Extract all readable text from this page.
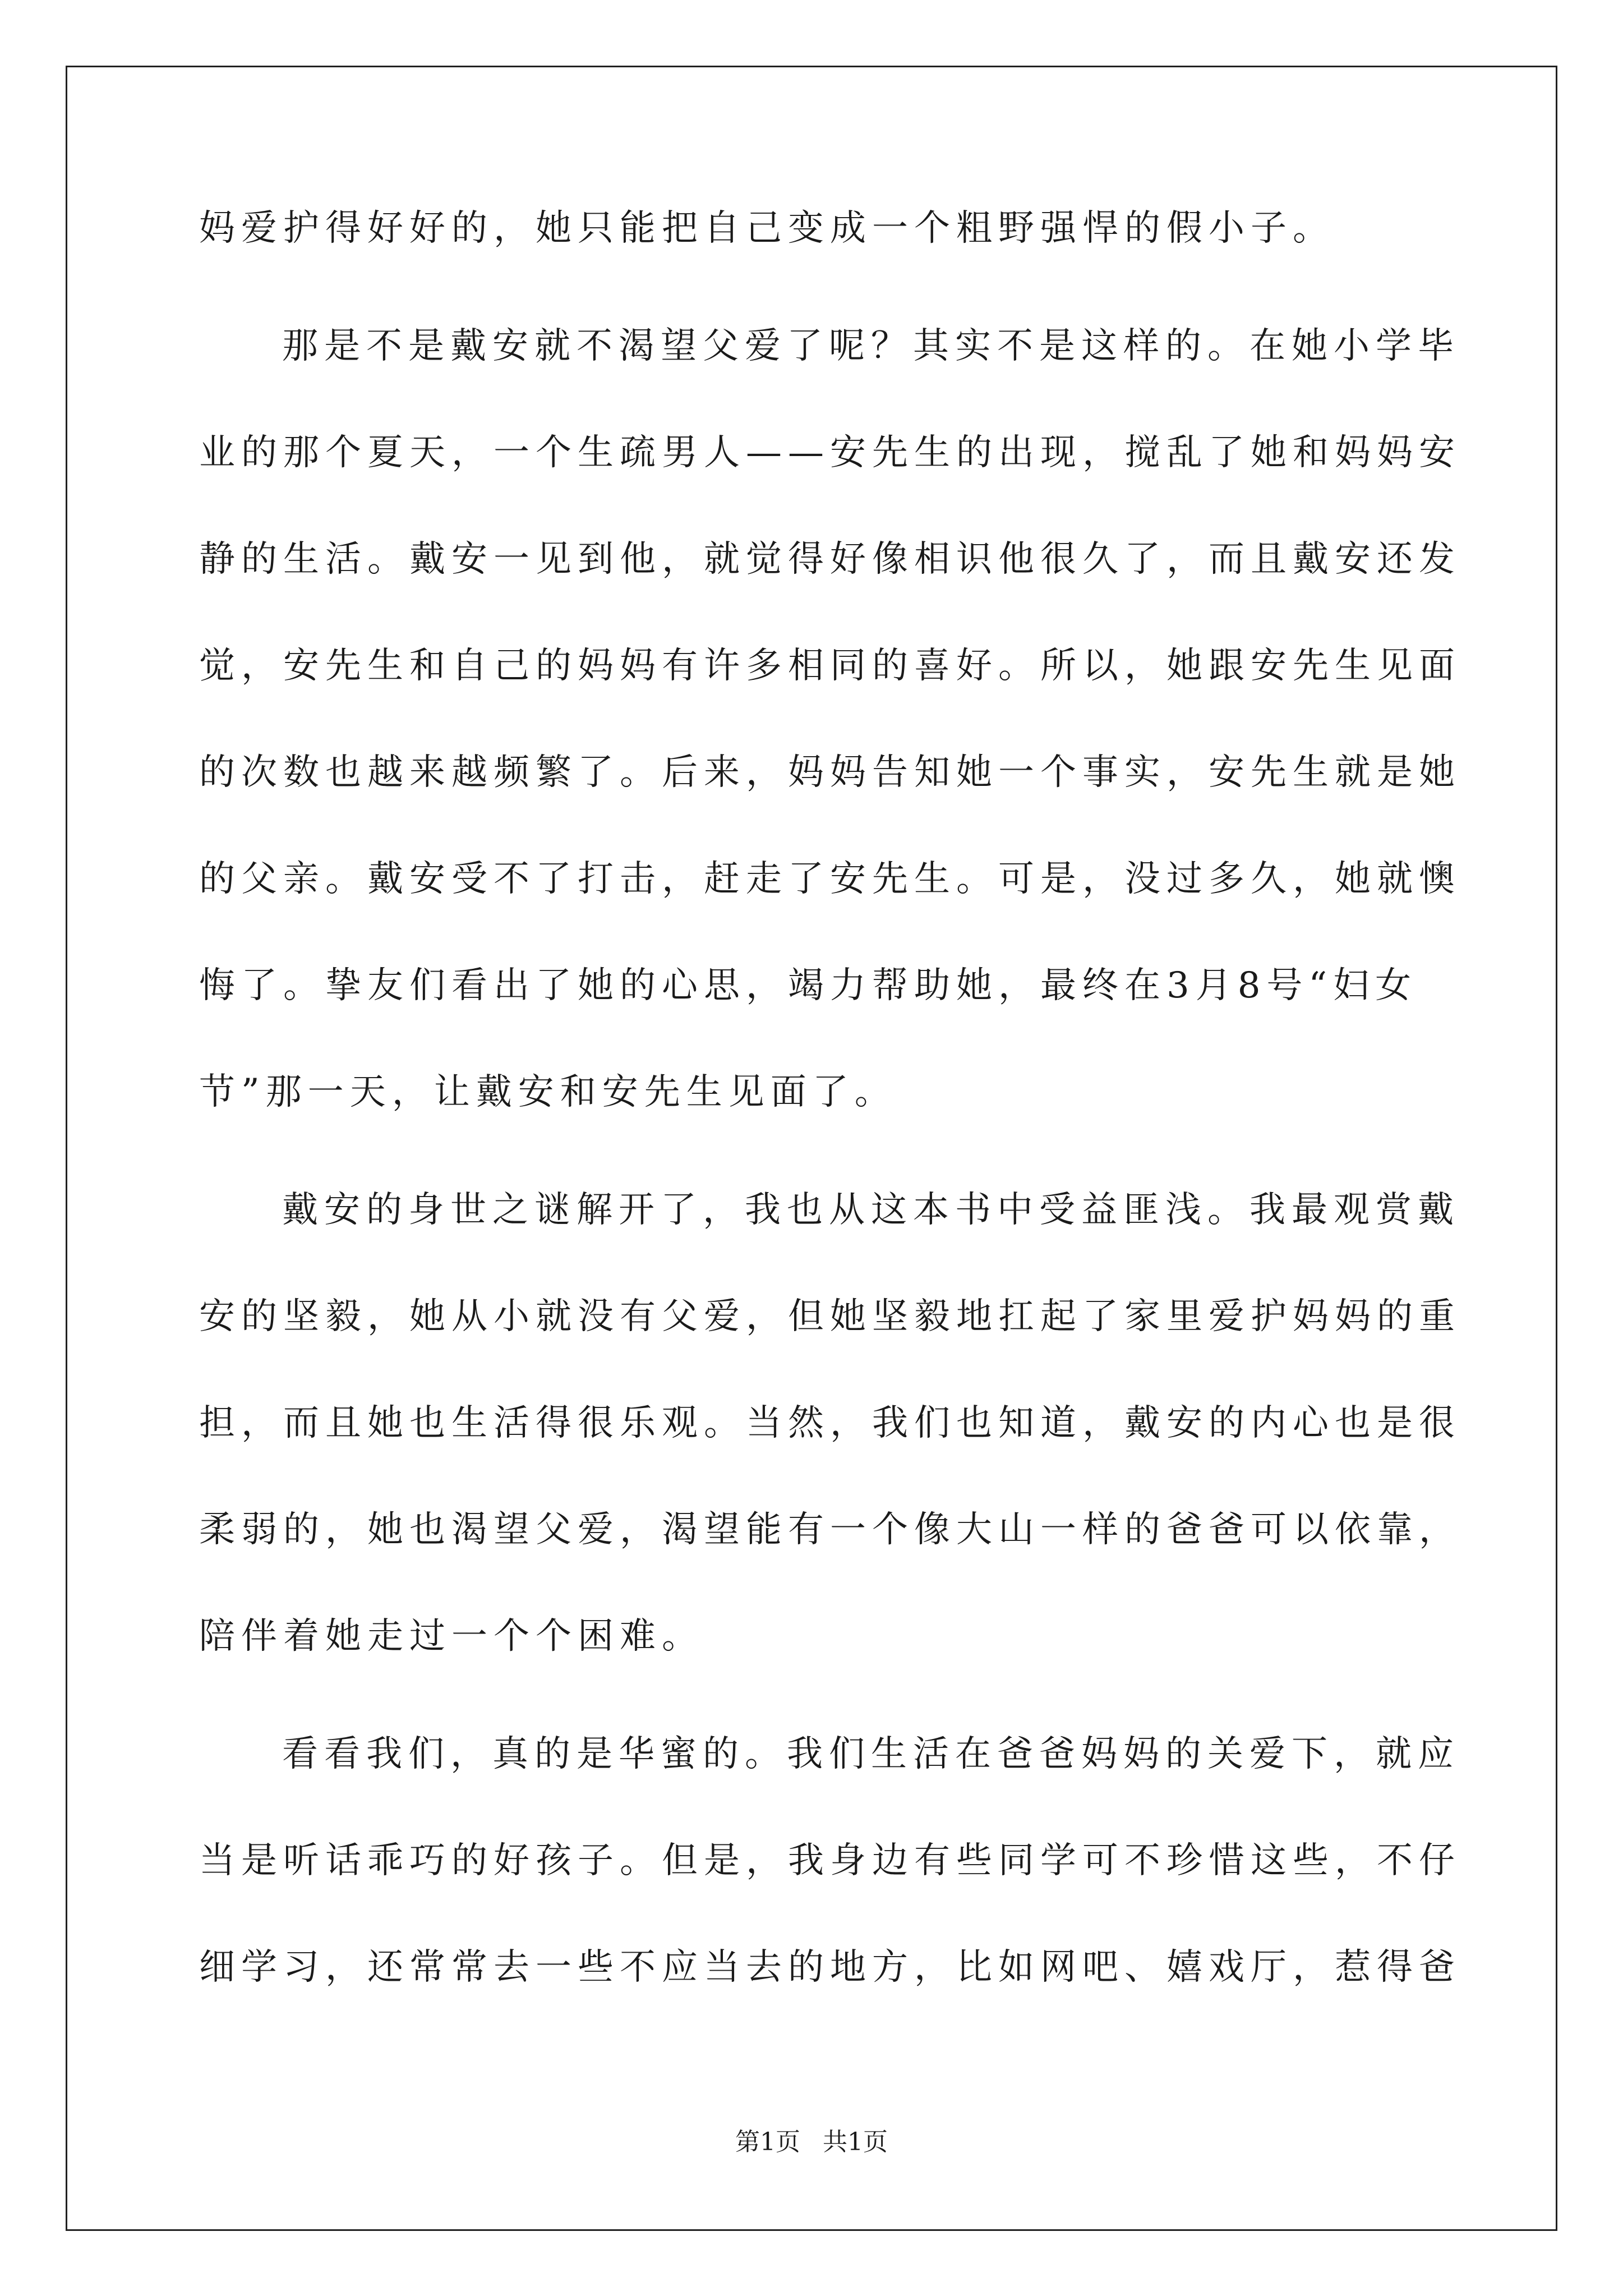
妈爱护得好好的，她只能把自己变成一个粗野强悍的假小子。
那是不是戴安就不渴望父爱了呢？其实不是这样的。在她小学毕
业的那个夏天，一个生疏男人——安先生的出现，搅乱了她和妈妈安
静的生活。戴安一见到他，就觉得好像相识他很久了，而且戴安还发
觉，安先生和自己的妈妈有许多相同的喜好。所以，她跟安先生见面
的次数也越来越频繁了。后来，妈妈告知她一个事实，安先生就是她
的父亲。戴安受不了打击，赶走了安先生。可是，没过多久，她就懊
悔了。挚友们看出了她的心思，竭力帮助她，最终在3月8号“妇女
节”那一天，让戴安和安先生见面了。
戴安的身世之谜解开了，我也从这本书中受益匪浅。我最观赏戴
安的坚毅，她从小就没有父爱，但她坚毅地扛起了家里爱护妈妈的重
担，而且她也生活得很乐观。当然，我们也知道，戴安的内心也是很
柔弱的，她也渴望父爱，渴望能有一个像大山一样的爸爸可以依靠，
陪伴着她走过一个个困难。
看看我们，真的是华蜜的。我们生活在爸爸妈妈的关爱下，就应
当是听话乖巧的好孩子。但是，我身边有些同学可不珍惜这些，不仔
细学习，还常常去一些不应当去的地方，比如网吧、嬉戏厅，惹得爸
第1页 共1页
